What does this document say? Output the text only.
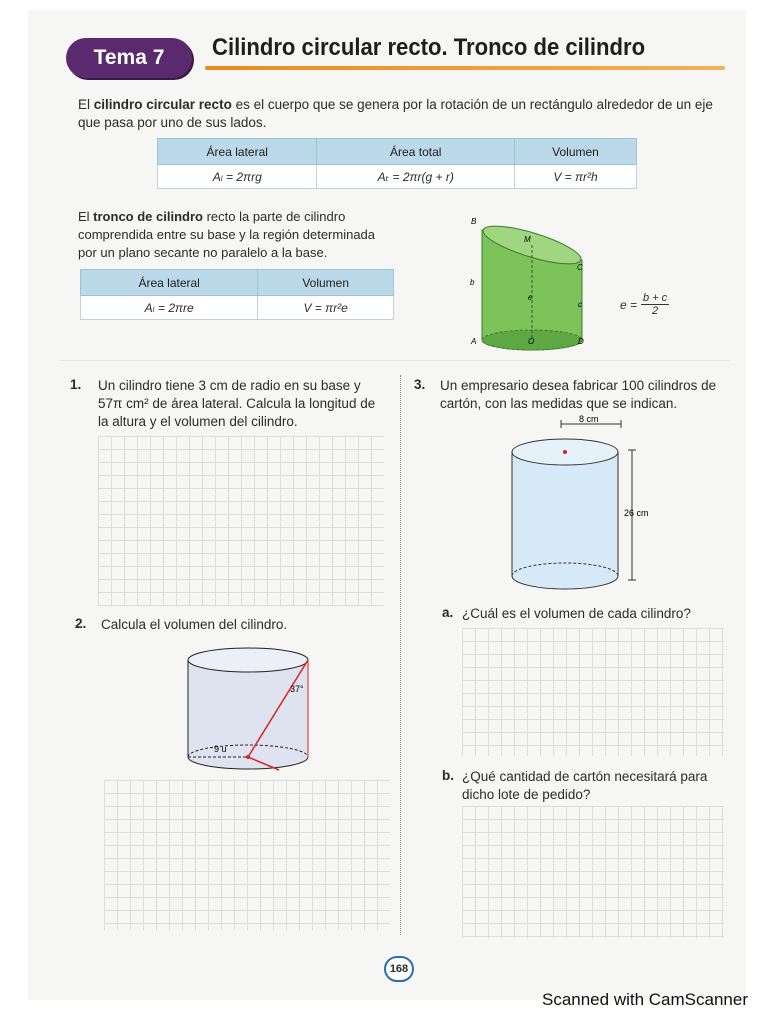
Tema 7 Cilindro circular recto. Tronco de cilindro

El cilindro circular recto es el cuerpo que se genera por la rotación de un rectángulo alrededor de un eje que pasa por uno de sus lados.

Área lateral	Área total	Volumen
Aₗ = 2πrg	Aₜ = 2πr(g + r)	V = πr²h

El tronco de cilindro recto la parte de cilindro comprendida entre su base y la región determinada por un plano secante no paralelo a la base.

Área lateral	Volumen
Aₗ = 2πre	V = πr²e
B
M
C
b
e
c
A	O	D
$e = \frac{b + c}{2}$
1. Un cilindro tiene 3 cm de radio en su base y 57π cm² de área lateral. Calcula la longitud de la altura y el volumen del cilindro.

2. Calcula el volumen del cilindro.

37°
9 u
3. Un empresario desea fabricar 100 cilindros de cartón, con las medidas que se indican.

8 cm
26 cm
a. ¿Cuál es el volumen de cada cilindro?

b. ¿Qué cantidad de cartón necesitará para dicho lote de pedido?

168
Scanned with CamScanner
